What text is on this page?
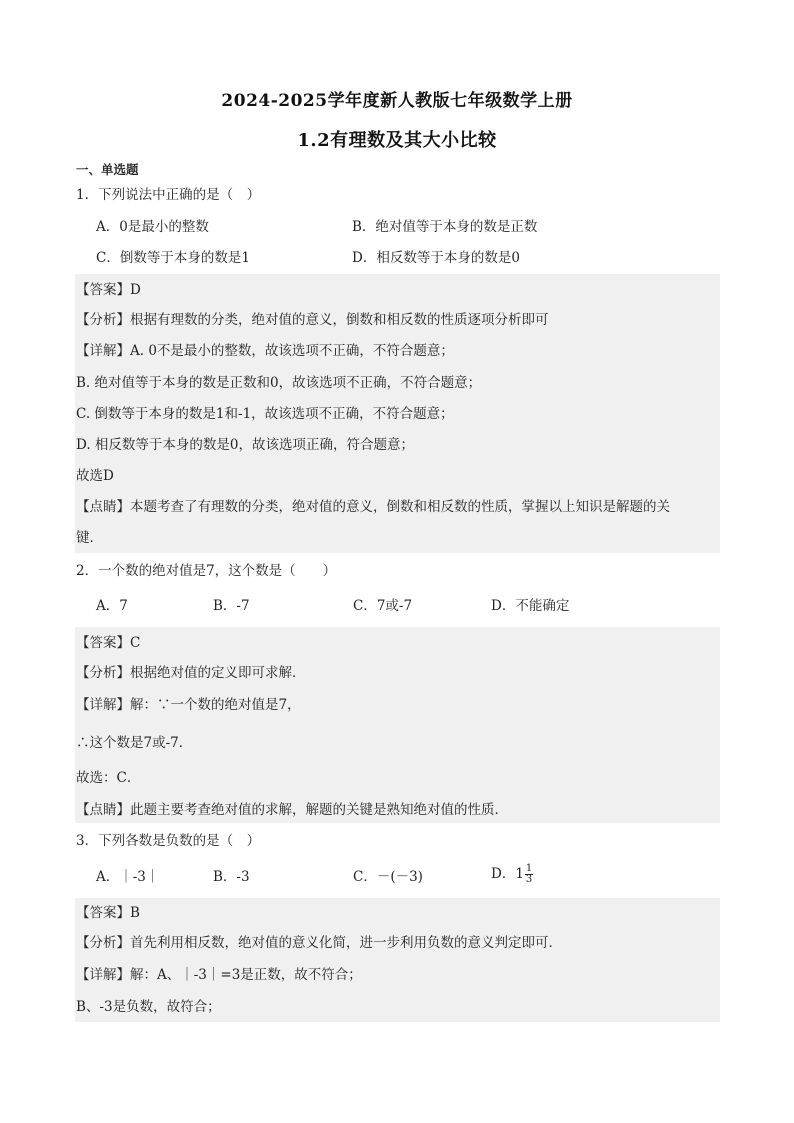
2024-2025学年度新人教版七年级数学上册
1.2有理数及其大小比较
一、单选题
1．下列说法中正确的是（　）
A．0是最小的整数	B．绝对值等于本身的数是正数
C．倒数等于本身的数是1	D．相反数等于本身的数是0
【答案】D
【分析】根据有理数的分类，绝对值的意义，倒数和相反数的性质逐项分析即可
【详解】A. 0不是最小的整数，故该选项不正确，不符合题意；
B. 绝对值等于本身的数是正数和0，故该选项不正确，不符合题意；
C. 倒数等于本身的数是1和-1，故该选项不正确，不符合题意；
D. 相反数等于本身的数是0，故该选项正确，符合题意；
故选D
【点睛】本题考查了有理数的分类，绝对值的意义，倒数和相反数的性质，掌握以上知识是解题的关
键．
2．一个数的绝对值是7，这个数是（　　）
A．7	B．-7	C．7或-7	D．不能确定
【答案】C
【分析】根据绝对值的定义即可求解．
【详解】解：∵一个数的绝对值是7，
∴这个数是7或-7．
故选：C．
【点睛】此题主要考查绝对值的求解，解题的关键是熟知绝对值的性质．
3．下列各数是负数的是（　）
A．｜-3｜	B．-3	C．－(－3)	D．$1 \frac{1}{3}$
【答案】B
【分析】首先利用相反数，绝对值的意义化简，进一步利用负数的意义判定即可．
【详解】解：A、｜-3｜=3是正数，故不符合；
B、-3是负数，故符合；
